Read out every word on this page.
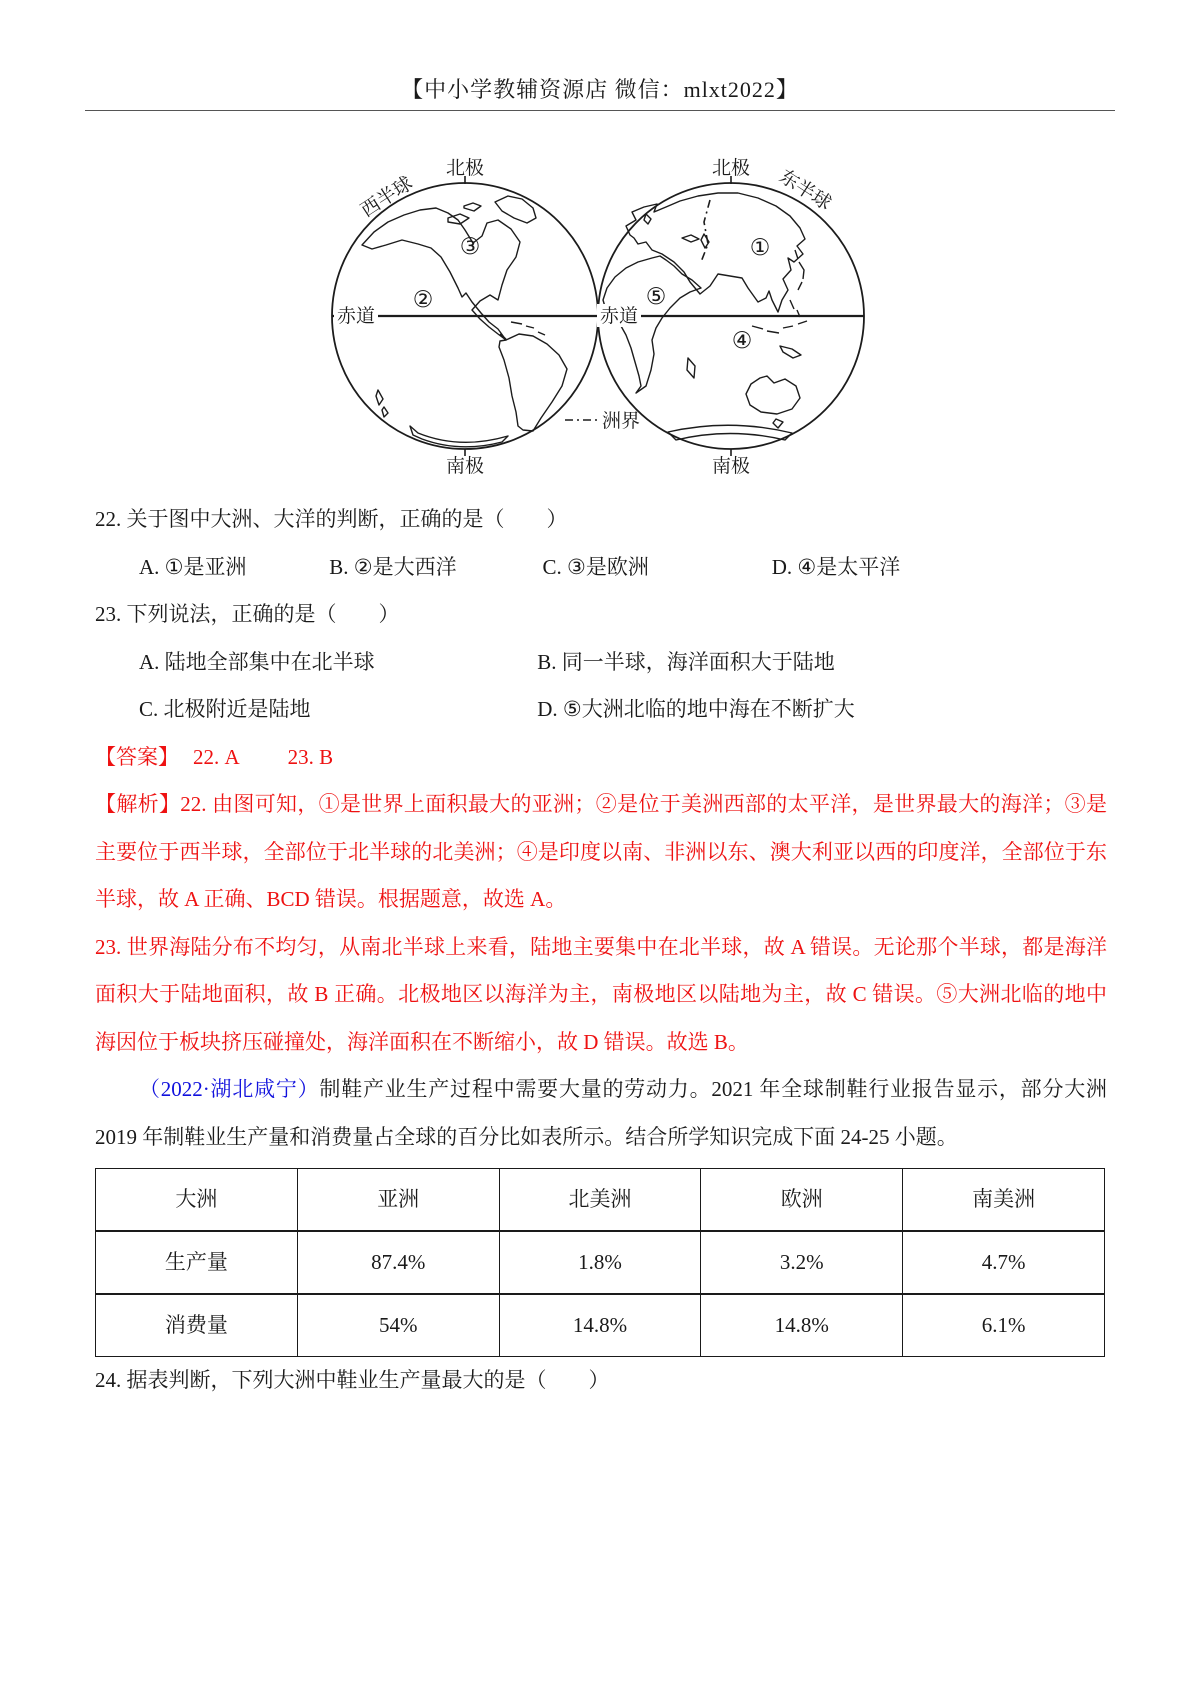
【中小学教辅资源店 微信：mlxt2022】
赤道	赤道
北极	北极
南极	南极
西半球	东半球
①
②
③
④
⑤
洲界
22. 关于图中大洲、大洋的判断，正确的是（　　）
A. ①是亚洲	B. ②是大西洋	C. ③是欧洲	D. ④是太平洋
23. 下列说法，正确的是（　　）
A. 陆地全部集中在北半球	B. 同一半球，海洋面积大于陆地
C. 北极附近是陆地	D. ⑤大洲北临的地中海在不断扩大
【答案】 22. A 23. B

【解析】22. 由图可知，①是世界上面积最大的亚洲；②是位于美洲西部的太平洋，是世界最大的海洋；③是主要位于西半球，全部位于北半球的北美洲；④是印度以南、非洲以东、澳大利亚以西的印度洋，全部位于东半球，故 A 正确、BCD 错误。根据题意，故选 A。

23. 世界海陆分布不均匀，从南北半球上来看，陆地主要集中在北半球，故 A 错误。无论那个半球，都是海洋面积大于陆地面积，故 B 正确。北极地区以海洋为主，南极地区以陆地为主，故 C 错误。⑤大洲北临的地中海因位于板块挤压碰撞处，海洋面积在不断缩小，故 D 错误。故选 B。

（2022·湖北咸宁）制鞋产业生产过程中需要大量的劳动力。2021 年全球制鞋行业报告显示，部分大洲 2019 年制鞋业生产量和消费量占全球的百分比如表所示。结合所学知识完成下面 24-25 小题。

大洲	亚洲	北美洲	欧洲	南美洲
生产量	87.4%	1.8%	3.2%	4.7%
消费量	54%	14.8%	14.8%	6.1%
24. 据表判断，下列大洲中鞋业生产量最大的是（　　）
